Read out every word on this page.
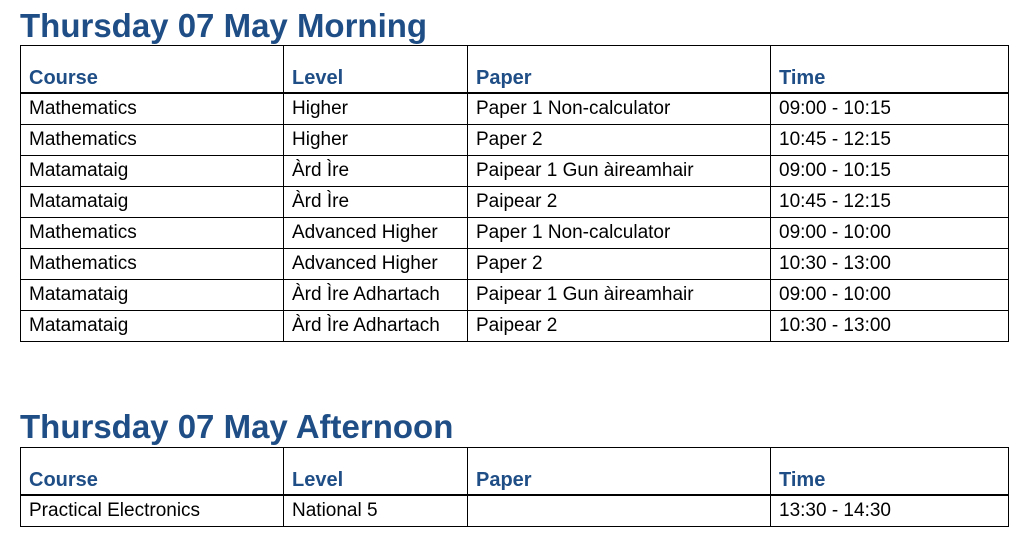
Thursday 07 May Morning
Course	Level	Paper	Time
Mathematics	Higher	Paper 1 Non-calculator	09:00 - 10:15
Mathematics	Higher	Paper 2	10:45 - 12:15
Matamataig	Àrd Ìre	Paipear 1 Gun àireamhair	09:00 - 10:15
Matamataig	Àrd Ìre	Paipear 2	10:45 - 12:15
Mathematics	Advanced Higher	Paper 1 Non-calculator	09:00 - 10:00
Mathematics	Advanced Higher	Paper 2	10:30 - 13:00
Matamataig	Àrd Ìre Adhartach	Paipear 1 Gun àireamhair	09:00 - 10:00
Matamataig	Àrd Ìre Adhartach	Paipear 2	10:30 - 13:00
Thursday 07 May Afternoon
Course	Level	Paper	Time
Practical Electronics	National 5		13:30 - 14:30
